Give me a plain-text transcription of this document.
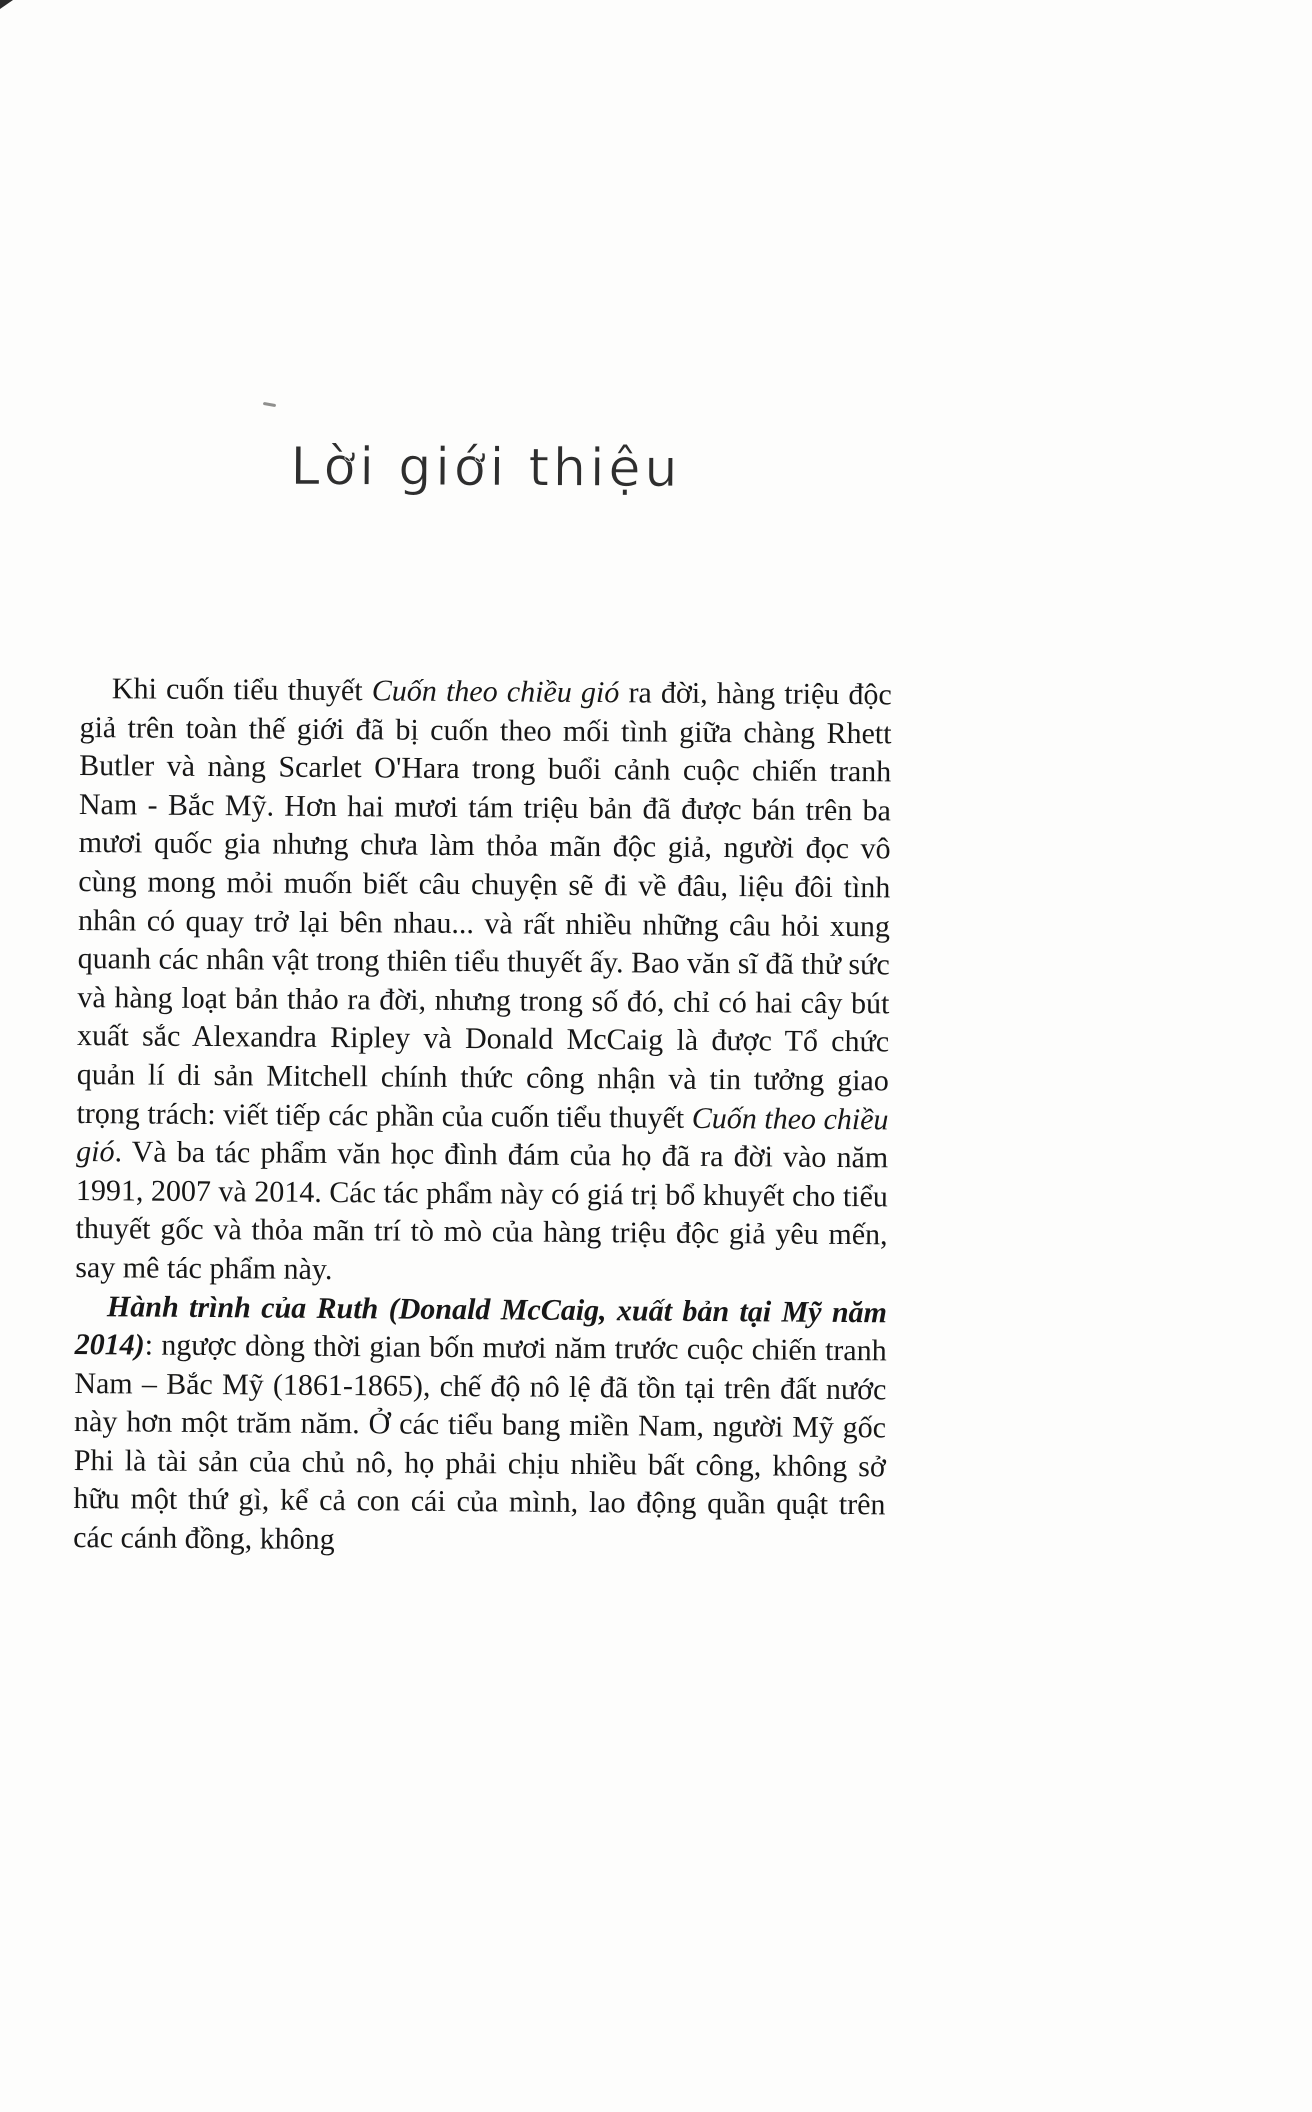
Lời giới thiệu

Khi cuốn tiểu thuyết Cuốn theo chiều gió ra đời, hàng triệu độc giả trên toàn thế giới đã bị cuốn theo mối tình giữa chàng Rhett Butler và nàng Scarlet O'Hara trong buổi cảnh cuộc chiến tranh Nam - Bắc Mỹ. Hơn hai mươi tám triệu bản đã được bán trên ba mươi quốc gia nhưng chưa làm thỏa mãn độc giả, người đọc vô cùng mong mỏi muốn biết câu chuyện sẽ đi về đâu, liệu đôi tình nhân có quay trở lại bên nhau... và rất nhiều những câu hỏi xung quanh các nhân vật trong thiên tiểu thuyết ấy. Bao văn sĩ đã thử sức và hàng loạt bản thảo ra đời, nhưng trong số đó, chỉ có hai cây bút xuất sắc Alexandra Ripley và Donald McCaig là được Tổ chức quản lí di sản Mitchell chính thức công nhận và tin tưởng giao trọng trách: viết tiếp các phần của cuốn tiểu thuyết Cuốn theo chiều gió. Và ba tác phẩm văn học đình đám của họ đã ra đời vào năm 1991, 2007 và 2014. Các tác phẩm này có giá trị bổ khuyết cho tiểu thuyết gốc và thỏa mãn trí tò mò của hàng triệu độc giả yêu mến, say mê tác phẩm này.

Hành trình của Ruth (Donald McCaig, xuất bản tại Mỹ năm 2014): ngược dòng thời gian bốn mươi năm trước cuộc chiến tranh Nam – Bắc Mỹ (1861-1865), chế độ nô lệ đã tồn tại trên đất nước này hơn một trăm năm. Ở các tiểu bang miền Nam, người Mỹ gốc Phi là tài sản của chủ nô, họ phải chịu nhiều bất công, không sở hữu một thứ gì, kể cả con cái của mình, lao động quần quật trên các cánh đồng, không
